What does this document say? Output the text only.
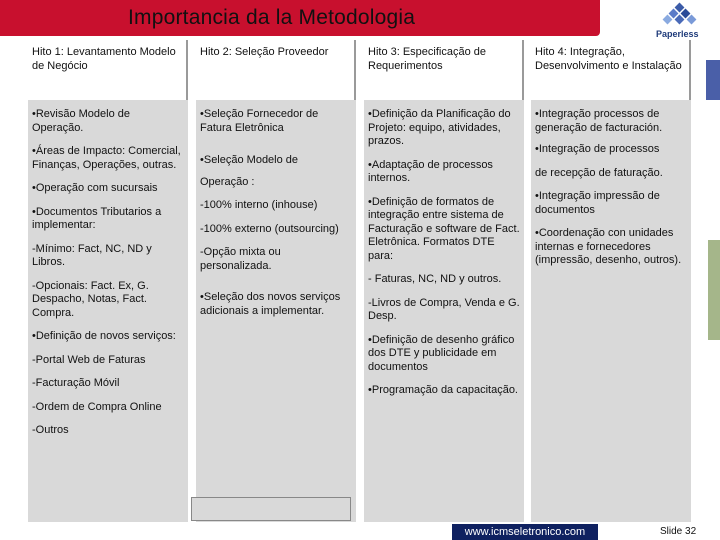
Importancia da la Metodologia
Paperless
Hito 1: Levantamento Modelo de Negócio
•Revisão Modelo de Operação.
•Áreas de Impacto: Comercial, Finanças, Operações, outras.
•Operação com sucursais
•Documentos Tributarios a implementar:
-Mínimo: Fact, NC, ND y Libros.
-Opcionais: Fact. Ex, G. Despacho, Notas, Fact. Compra.
•Definição de novos serviços:
-Portal Web de Faturas
-Facturação Móvil
-Ordem de Compra Online
-Outros
Hito 2: Seleção Proveedor
•Seleção Fornecedor de Fatura Eletrônica
•Seleção Modelo de
Operação :
-100% interno (inhouse)
-100% externo (outsourcing)
-Opção mixta ou personalizada.
•Seleção dos novos serviços adicionais a implementar.
Hito 3: Especificação de Requerimentos
•Definição da Planificação do Projeto: equipo, atividades, prazos.
•Adaptação de processos internos.
•Definição de formatos de integração entre sistema de Facturação e software de Fact. Eletrônica. Formatos DTE para:
- Faturas, NC, ND y outros.
-Livros de Compra, Venda e G. Desp.
•Definição de desenho gráfico dos DTE y publicidade em documentos
•Programação da capacitação.
Hito 4: Integração, Desenvolvimento e Instalação
•Integração processos de generação de facturación.
•Integração de processos
de recepção de faturação.
•Integração impressão de documentos
•Coordenação con unidades internas e fornecedores (impressão, desenho, outros).
www.icmseletronico.com	Slide 32
